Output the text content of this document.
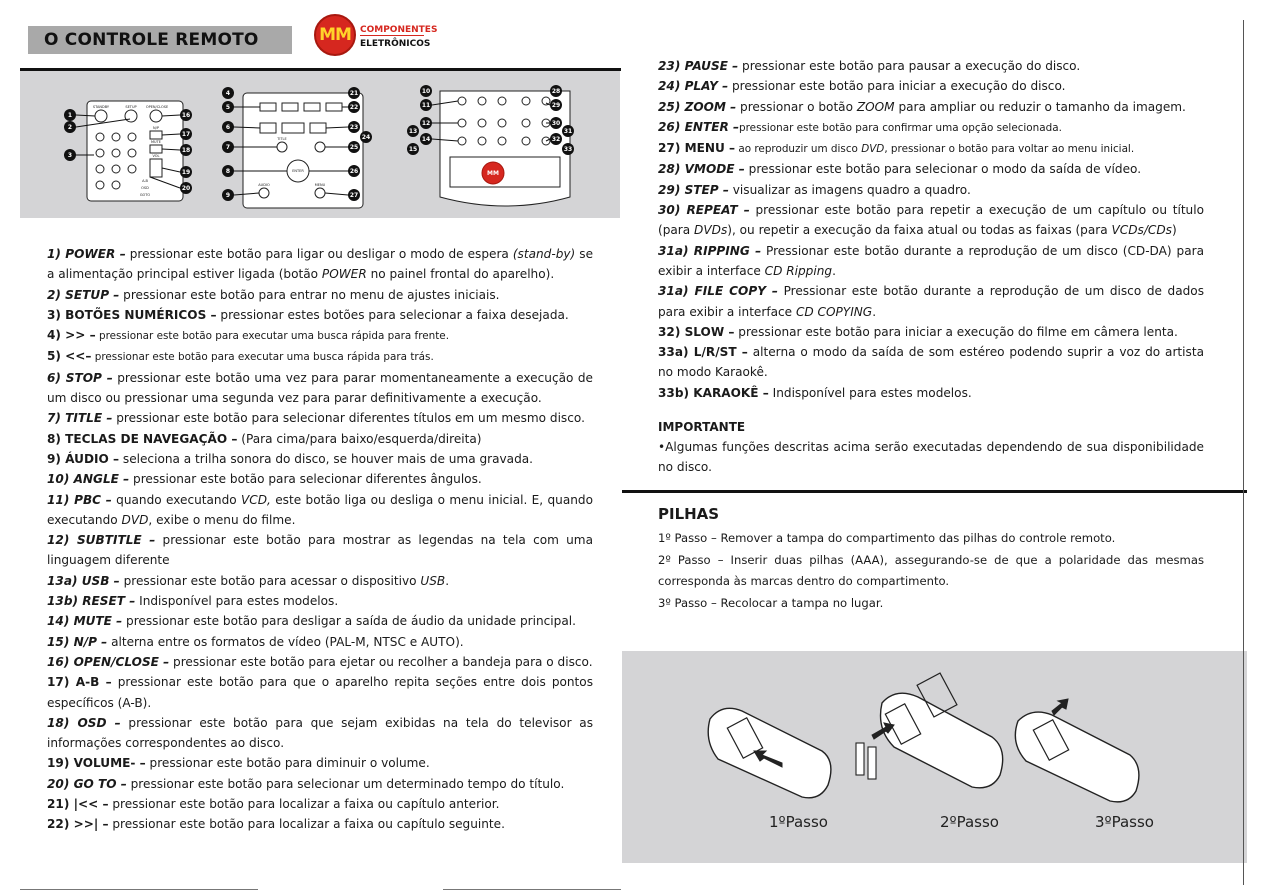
O CONTROLE REMOTO	MM COMPONENTES
ELETRÔNICOS
1
2
3
16
17
18
19
20
4
5
6
7
8
9
21
22
23
24
25
26
27
10
11
12
13
14
15
28
29
30
31
32
33
MM
STANDBY	SETUP	OPEN/CLOSE
N/P
MUTE
VOL
A-B
OSD
GOTO
TITLE
ENTER
AUDIO	MENU
1) POWER – pressionar este botão para ligar ou desligar o modo de espera (stand-by) se a alimentação principal estiver ligada (botão POWER no painel frontal do aparelho).
2) SETUP – pressionar este botão para entrar no menu de ajustes iniciais.
3) BOTÕES NUMÉRICOS – pressionar estes botões para selecionar a faixa desejada.
4) >> – pressionar este botão para executar uma busca rápida para frente.
5) <<– pressionar este botão para executar uma busca rápida para trás.
6) STOP – pressionar este botão uma vez para parar momentaneamente a execução de um disco ou pressionar uma segunda vez para parar definitivamente a execução.
7) TITLE – pressionar este botão para selecionar diferentes títulos em um mesmo disco.
8) TECLAS DE NAVEGAÇÃO – (Para cima/para baixo/esquerda/direita)
9) ÁUDIO – seleciona a trilha sonora do disco, se houver mais de uma gravada.
10) ANGLE – pressionar este botão para selecionar diferentes ângulos.
11) PBC – quando executando VCD, este botão liga ou desliga o menu inicial. E, quando executando DVD, exibe o menu do filme.
12) SUBTITLE – pressionar este botão para mostrar as legendas na tela com uma linguagem diferente
13a) USB – pressionar este botão para acessar o dispositivo USB.
13b) RESET – Indisponível para estes modelos.
14) MUTE – pressionar este botão para desligar a saída de áudio da unidade principal.
15) N/P – alterna entre os formatos de vídeo (PAL-M, NTSC e AUTO).
16) OPEN/CLOSE – pressionar este botão para ejetar ou recolher a bandeja para o disco.
17) A-B – pressionar este botão para que o aparelho repita seções entre dois pontos específicos (A-B).
18) OSD – pressionar este botão para que sejam exibidas na tela do televisor as informações correspondentes ao disco.
19) VOLUME- – pressionar este botão para diminuir o volume.
20) GO TO – pressionar este botão para selecionar um determinado tempo do título.
21) |<< – pressionar este botão para localizar a faixa ou capítulo anterior.
22) >>| – pressionar este botão para localizar a faixa ou capítulo seguinte.
23) PAUSE – pressionar este botão para pausar a execução do disco.
24) PLAY – pressionar este botão para iniciar a execução do disco.
25) ZOOM – pressionar o botão ZOOM para ampliar ou reduzir o tamanho da imagem.
26) ENTER –pressionar este botão para confirmar uma opção selecionada.
27) MENU – ao reproduzir um disco DVD, pressionar o botão para voltar ao menu inicial.
28) VMODE – pressionar este botão para selecionar o modo da saída de vídeo.
29) STEP – visualizar as imagens quadro a quadro.
30) REPEAT – pressionar este botão para repetir a execução de um capítulo ou título (para DVDs), ou repetir a execução da faixa atual ou todas as faixas (para VCDs/CDs)
31a) RIPPING – Pressionar este botão durante a reprodução de um disco (CD-DA) para exibir a interface CD Ripping.
31a) FILE COPY – Pressionar este botão durante a reprodução de um disco de dados para exibir a interface CD COPYING.
32) SLOW – pressionar este botão para iniciar a execução do filme em câmera lenta.
33a) L/R/ST – alterna o modo da saída de som estéreo podendo suprir a voz do artista no modo Karaokê.
33b) KARAOKÊ – Indisponível para estes modelos.
IMPORTANTE
•Algumas funções descritas acima serão executadas dependendo de sua disponibilidade no disco.
PILHAS
1º Passo – Remover a tampa do compartimento das pilhas do controle remoto.
2º Passo – Inserir duas pilhas (AAA), assegurando-se de que a polaridade das mesmas corresponda às marcas dentro do compartimento.
3º Passo – Recolocar a tampa no lugar.
1ºPasso	2ºPasso	3ºPasso
